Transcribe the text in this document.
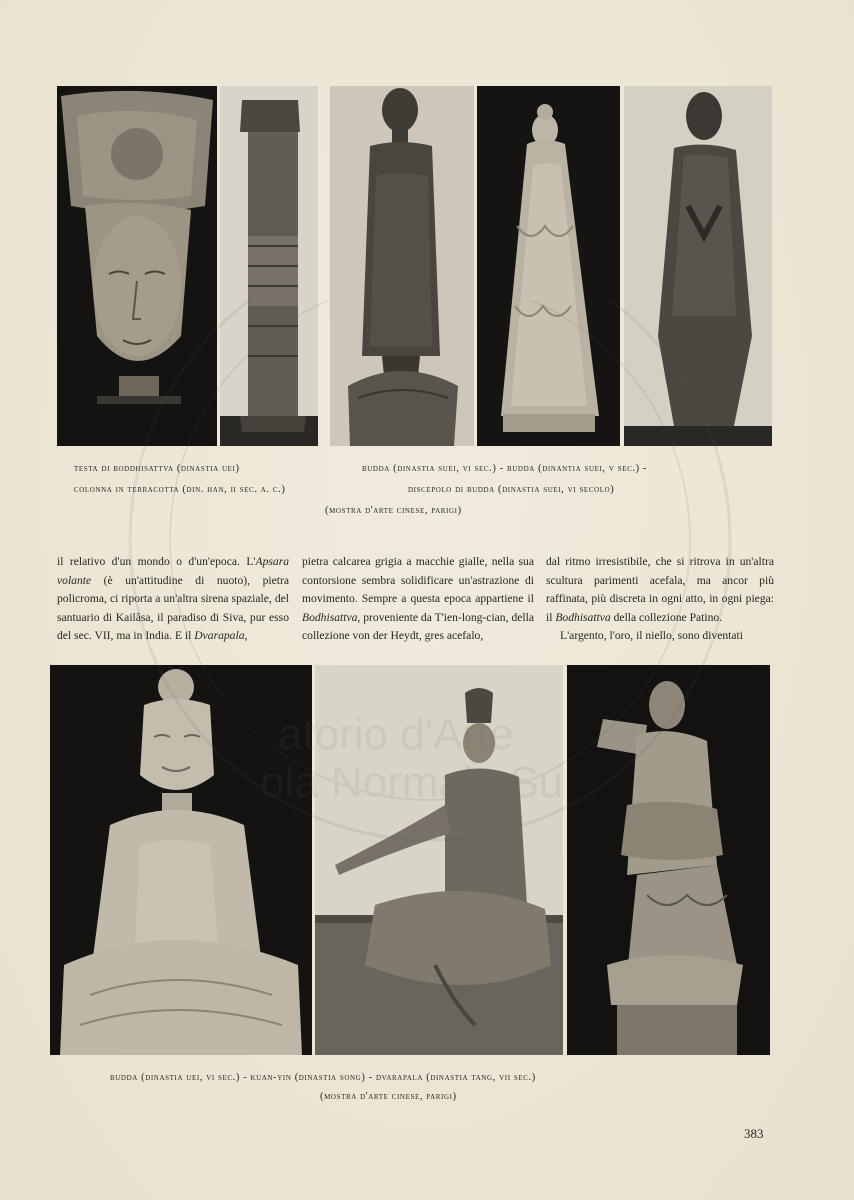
testa di boddhisattva (dinastia uei)
colonna in terracotta (din. han, ii sec. a. c.)
budda (dinastia suei, vi sec.) - budda (dinantia suei, v sec.) -
discepolo di budda (dinastia suei, vi secolo)
(mostra d'arte cinese, parigi)
il relativo d'un mondo o d'un'epoca. L'Apsara volante (è un'attitudine di nuoto), pietra policroma, ci riporta a un'altra sirena spaziale, del santuario di Kailâsa, il paradiso di Siva, pur esso del sec. VII, ma in India. E il Dvarapala,
pietra calcarea grigia a macchie gialle, nella sua contorsione sembra solidificare un'astrazione di movimento. Sempre a questa epoca appartiene il Bodhisattva, proveniente da T'ien-long-cian, della collezione von der Heydt, gres acefalo,
dal ritmo irresistibile, che si ritrova in un'altra scultura parimenti acefala, ma ancor più raffinata, più discreta in ogni atto, in ogni piega: il Bodhisattva della collezione Patino.
L'argento, l'oro, il niello, sono diventati
budda (dinastia uei, vi sec.) - kuan-yin (dinastia song) - dvarapala (dinastia tang, vii sec.)
(mostra d'arte cinese, parigi)
383
